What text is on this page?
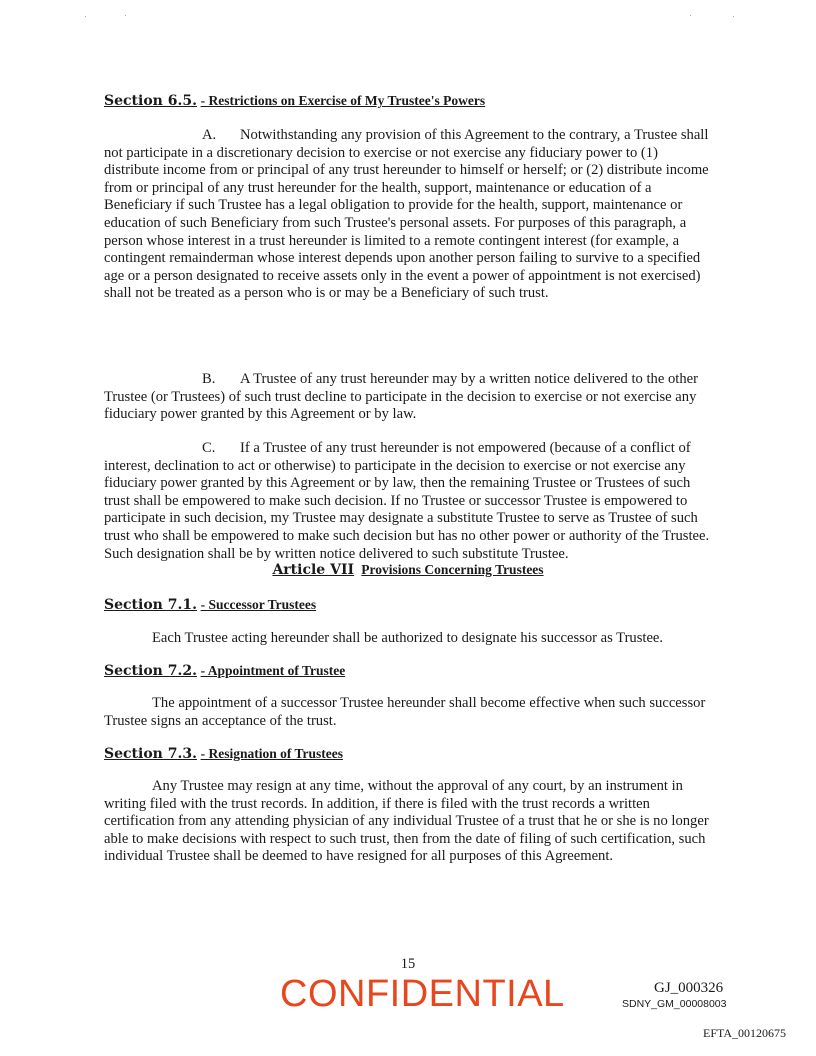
Section 6.5. - Restrictions on Exercise of My Trustee's Powers

A. Notwithstanding any provision of this Agreement to the contrary, a Trustee shall not participate in a discretionary decision to exercise or not exercise any fiduciary power to (1) distribute income from or principal of any trust hereunder to himself or herself; or (2) distribute income from or principal of any trust hereunder for the health, support, maintenance or education of a Beneficiary if such Trustee has a legal obligation to provide for the health, support, maintenance or education of such Beneficiary from such Trustee's personal assets. For purposes of this paragraph, a person whose interest in a trust hereunder is limited to a remote contingent interest (for example, a contingent remainderman whose interest depends upon another person failing to survive to a specified age or a person designated to receive assets only in the event a power of appointment is not exercised) shall not be treated as a person who is or may be a Beneficiary of such trust.

B. A Trustee of any trust hereunder may by a written notice delivered to the other Trustee (or Trustees) of such trust decline to participate in the decision to exercise or not exercise any fiduciary power granted by this Agreement or by law.

C. If a Trustee of any trust hereunder is not empowered (because of a conflict of interest, declination to act or otherwise) to participate in the decision to exercise or not exercise any fiduciary power granted by this Agreement or by law, then the remaining Trustee or Trustees of such trust shall be empowered to make such decision. If no Trustee or successor Trustee is empowered to participate in such decision, my Trustee may designate a substitute Trustee to serve as Trustee of such trust who shall be empowered to make such decision but has no other power or authority of the Trustee. Such designation shall be by written notice delivered to such substitute Trustee.

Article VII Provisions Concerning Trustees
Section 7.1. - Successor Trustees

Each Trustee acting hereunder shall be authorized to designate his successor as Trustee.

Section 7.2. - Appointment of Trustee

The appointment of a successor Trustee hereunder shall become effective when such successor Trustee signs an acceptance of the trust.

Section 7.3. - Resignation of Trustees

Any Trustee may resign at any time, without the approval of any court, by an instrument in writing filed with the trust records. In addition, if there is filed with the trust records a written certification from any attending physician of any individual Trustee of a trust that he or she is no longer able to make decisions with respect to such trust, then from the date of filing of such certification, such individual Trustee shall be deemed to have resigned for all purposes of this Agreement.

15
CONFIDENTIAL	GJ_000326
SDNY_GM_00008003
EFTA_00120675
